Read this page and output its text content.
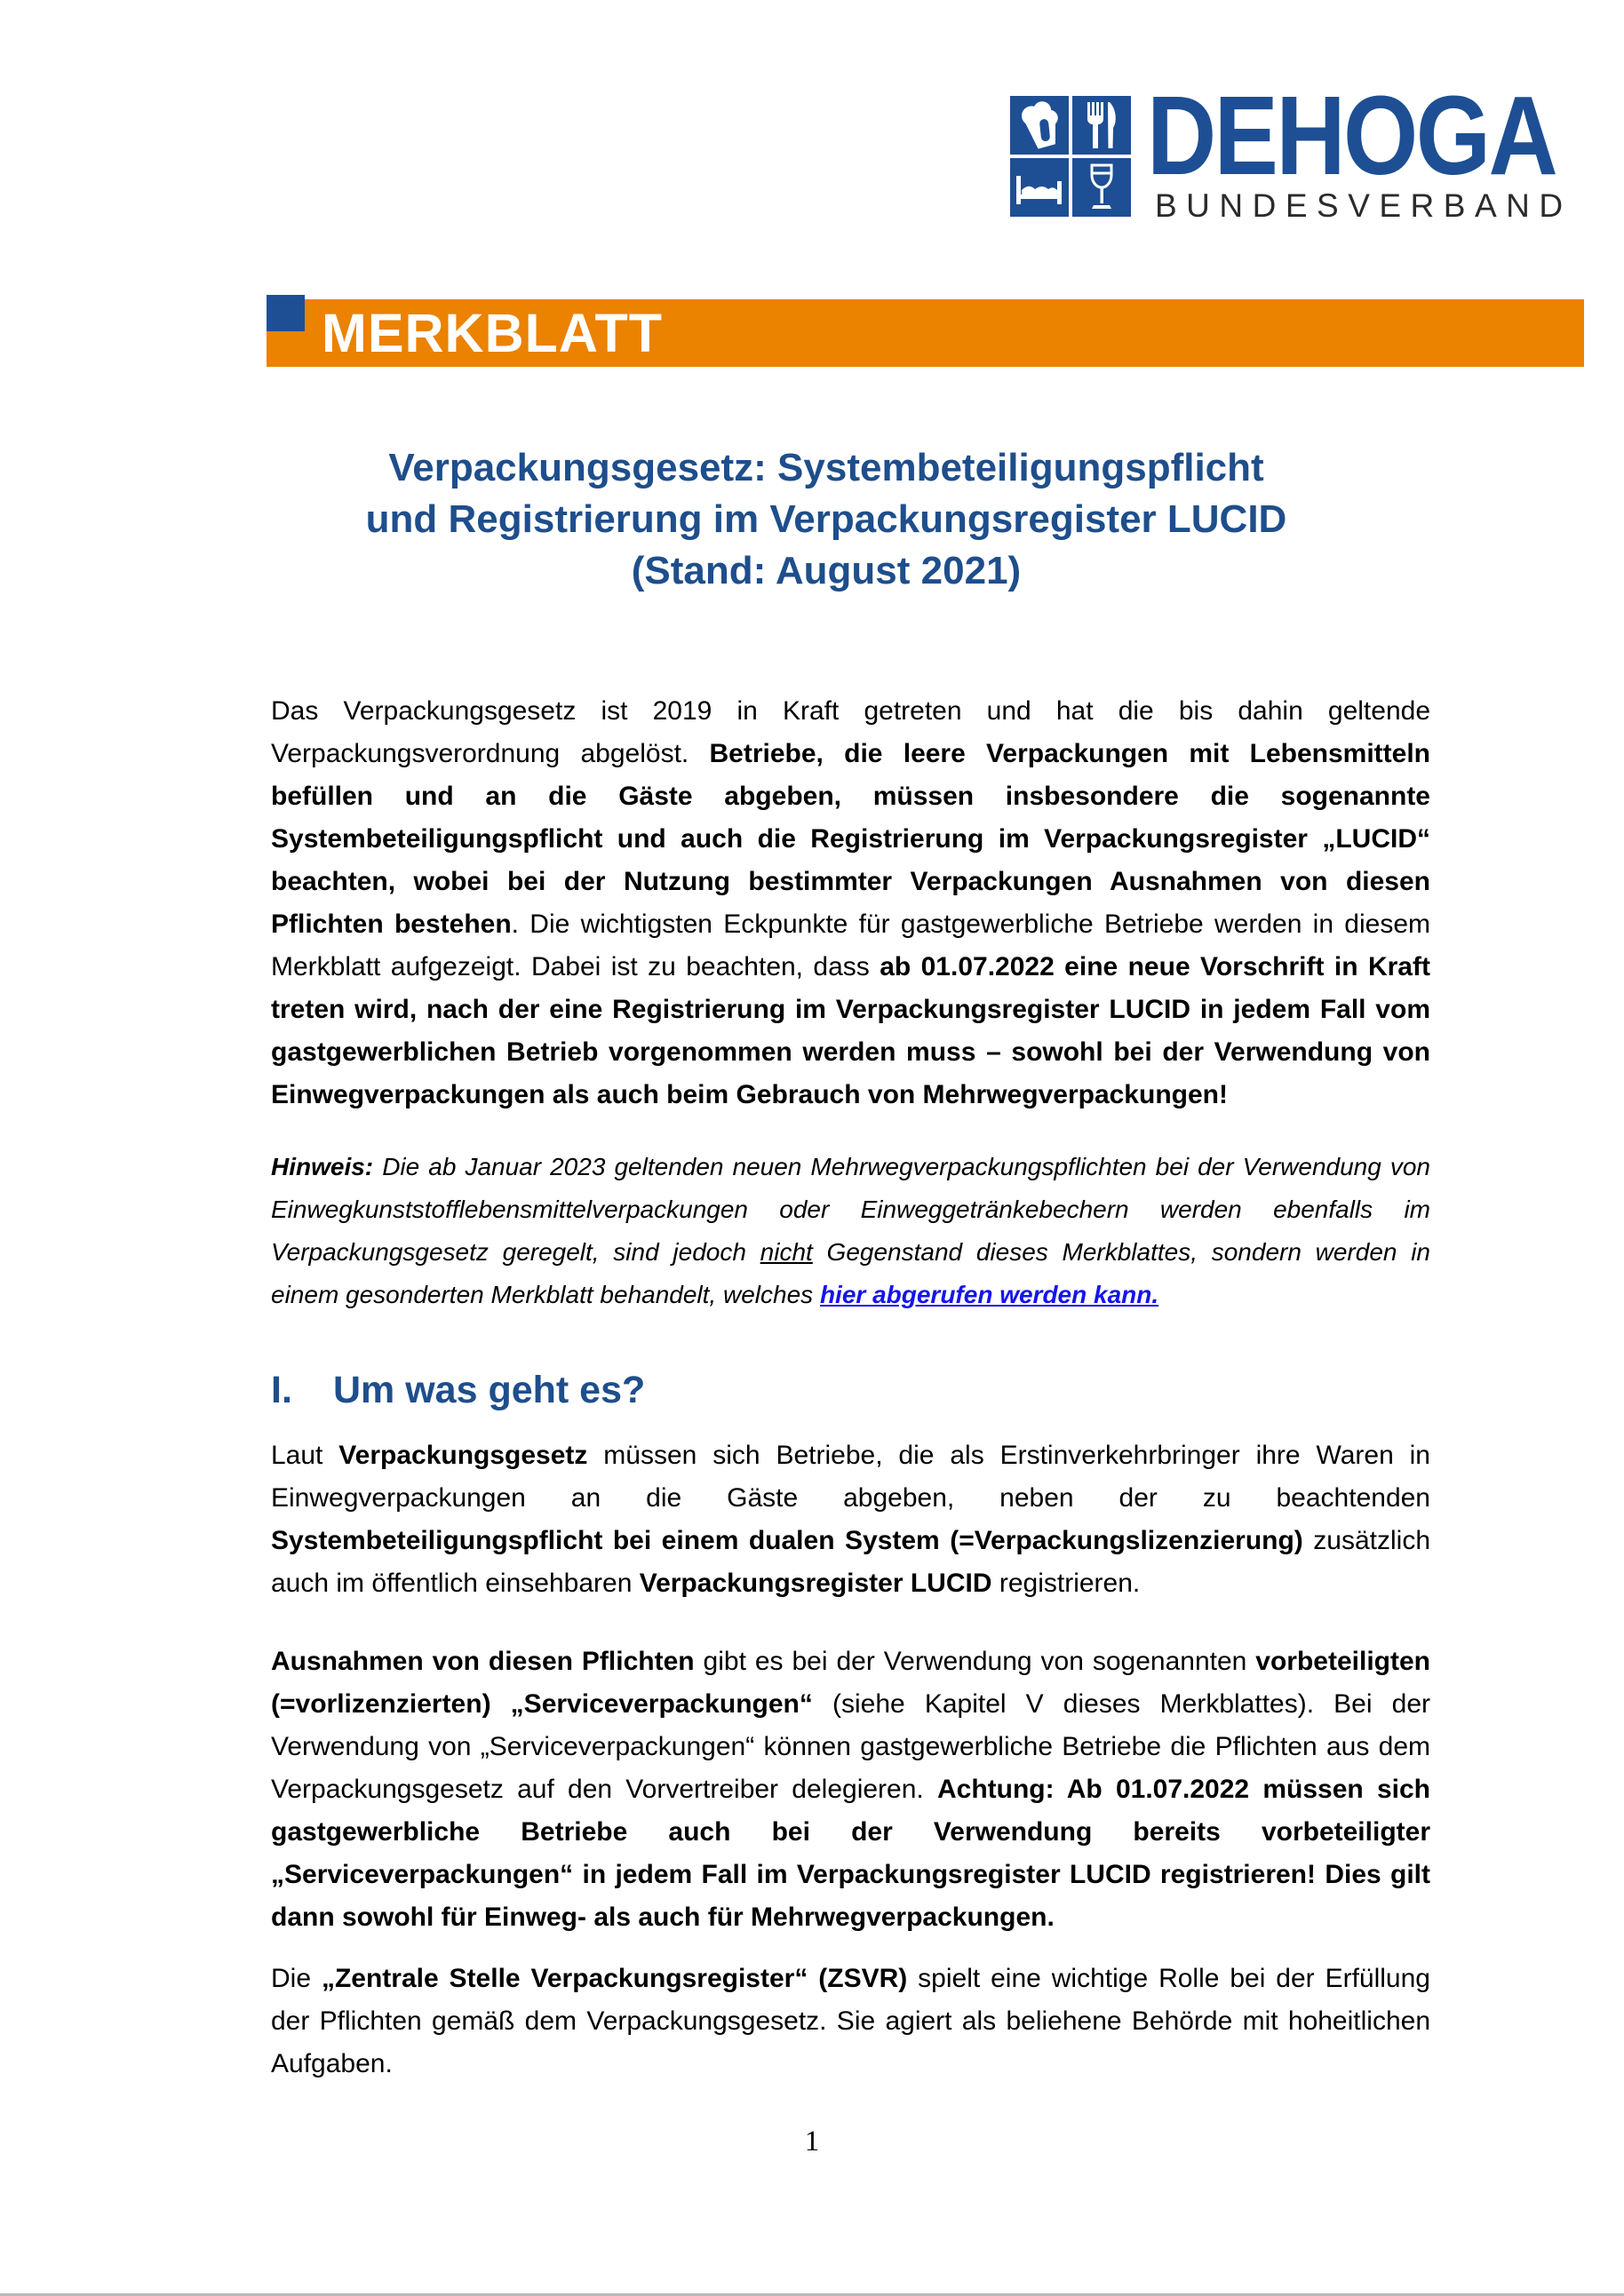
DEHOGA
BUNDESVERBAND
MERKBLATT
Verpackungsgesetz: Systembeteiligungspflicht
und Registrierung im Verpackungsregister LUCID
(Stand: August 2021)

Das Verpackungsgesetz ist 2019 in Kraft getreten und hat die bis dahin geltende Verpackungsverordnung abgelöst. Betriebe, die leere Verpackungen mit Lebensmitteln befüllen und an die Gäste abgeben, müssen insbesondere die sogenannte Systembeteiligungspflicht und auch die Registrierung im Verpackungsregister „LUCID“ beachten, wobei bei der Nutzung bestimmter Verpackungen Ausnahmen von diesen Pflichten bestehen. Die wichtigsten Eckpunkte für gastgewerbliche Betriebe werden in diesem Merkblatt aufgezeigt. Dabei ist zu beachten, dass ab 01.07.2022 eine neue Vorschrift in Kraft treten wird, nach der eine Registrierung im Verpackungsregister LUCID in jedem Fall vom gastgewerblichen Betrieb vorgenommen werden muss – sowohl bei der Verwendung von Einwegverpackungen als auch beim Gebrauch von Mehrwegverpackungen!

Hinweis: Die ab Januar 2023 geltenden neuen Mehrwegverpackungspflichten bei der Verwendung von Einwegkunststofflebensmittelverpackungen oder Einweggetränkebechern werden ebenfalls im Verpackungsgesetz geregelt, sind jedoch nicht Gegenstand dieses Merkblattes, sondern werden in einem gesonderten Merkblatt behandelt, welches hier abgerufen werden kann.

I. Um was geht es?

Laut Verpackungsgesetz müssen sich Betriebe, die als Erstinverkehrbringer ihre Waren in Einwegverpackungen an die Gäste abgeben, neben der zu beachtenden Systembeteiligungspflicht bei einem dualen System (=Verpackungslizenzierung) zusätzlich auch im öffentlich einsehbaren Verpackungsregister LUCID registrieren.

Ausnahmen von diesen Pflichten gibt es bei der Verwendung von sogenannten vorbeteiligten (=vorlizenzierten) „Serviceverpackungen“ (siehe Kapitel V dieses Merkblattes). Bei der Verwendung von „Serviceverpackungen“ können gastgewerbliche Betriebe die Pflichten aus dem Verpackungsgesetz auf den Vorvertreiber delegieren. Achtung: Ab 01.07.2022 müssen sich gastgewerbliche Betriebe auch bei der Verwendung bereits vorbeteiligter „Serviceverpackungen“ in jedem Fall im Verpackungsregister LUCID registrieren! Dies gilt dann sowohl für Einweg- als auch für Mehrwegverpackungen.

Die „Zentrale Stelle Verpackungsregister“ (ZSVR) spielt eine wichtige Rolle bei der Erfüllung der Pflichten gemäß dem Verpackungsgesetz. Sie agiert als beliehene Behörde mit hoheitlichen Aufgaben.

1
